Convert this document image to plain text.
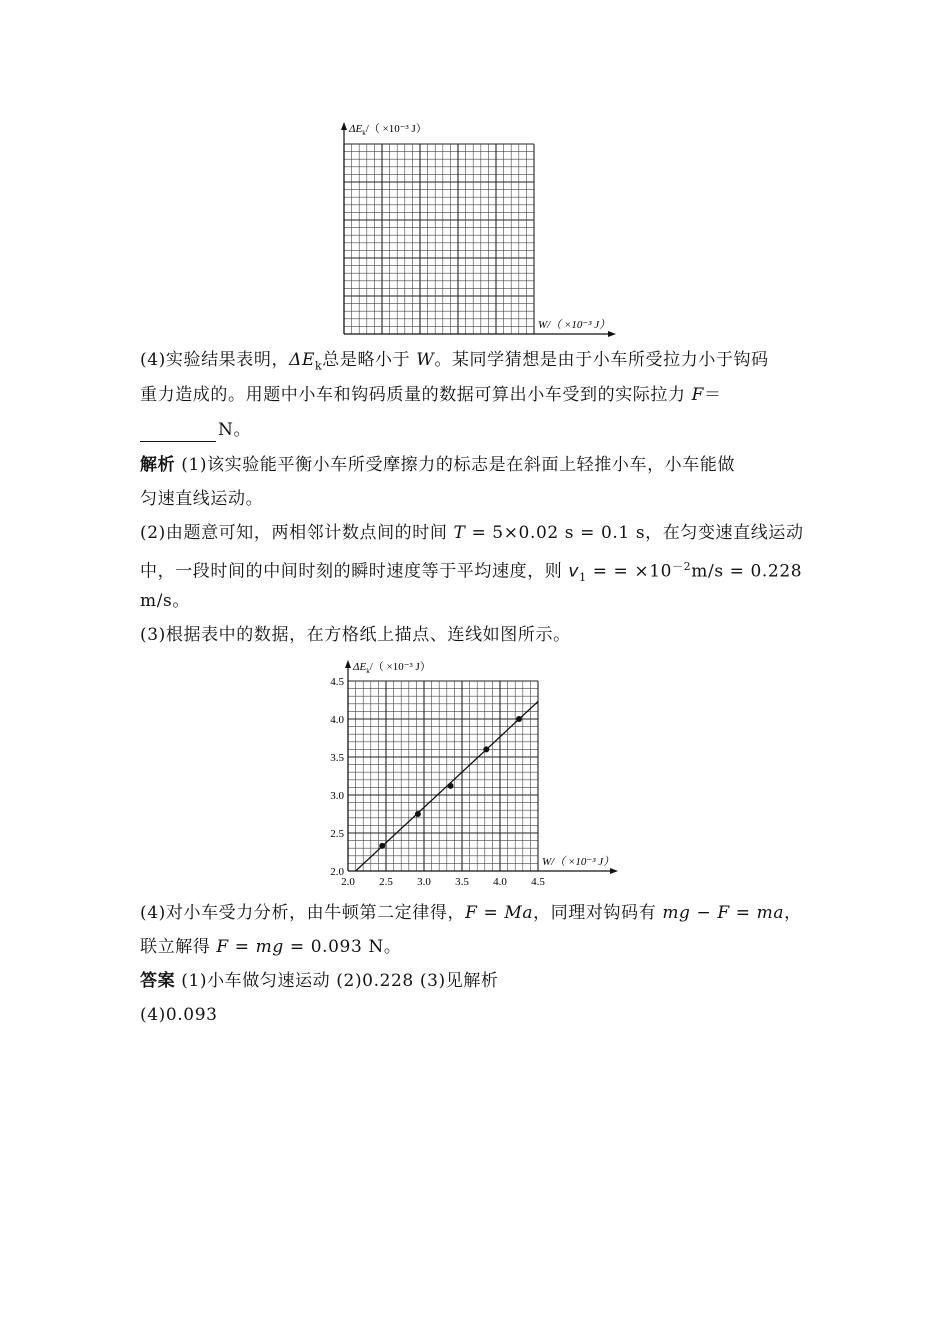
$\Delta E_k/( \times 10^{-3}$ J）
W/（ ×10⁻³ J）
(4)实验结果表明，$\Delta E_k$总是略小于 W。某同学猜想是由于小车所受拉力小于钩码
重力造成的。用题中小车和钩码质量的数据可算出小车受到的实际拉力 F＝
N。
解析 (1)该实验能平衡小车所受摩擦力的标志是在斜面上轻推小车，小车能做
匀速直线运动。
(2)由题意可知，两相邻计数点间的时间 T = 5×0.02 s = 0.1 s，在匀变速直线运动
中，一段时间的中间时刻的瞬时速度等于平均速度，则 $v_1$ = = $\times 10^{-2}m/s = 0.228$
m/s。
(3)根据表中的数据，在方格纸上描点、连线如图所示。
$\Delta E_k/( \times 10^{-3}$ J）
W/（ ×10⁻³ J）
2.0 2.5 3.0 3.5 4.0 4.5
2.0
2.5
3.0
3.5
4.0
4.5
(4)对小车受力分析，由牛顿第二定律得，F = Ma，同理对钩码有 mg − F = ma，
联立解得 F = mg = 0.093 N。
答案 (1)小车做匀速运动 (2)0.228 (3)见解析
(4)0.093
